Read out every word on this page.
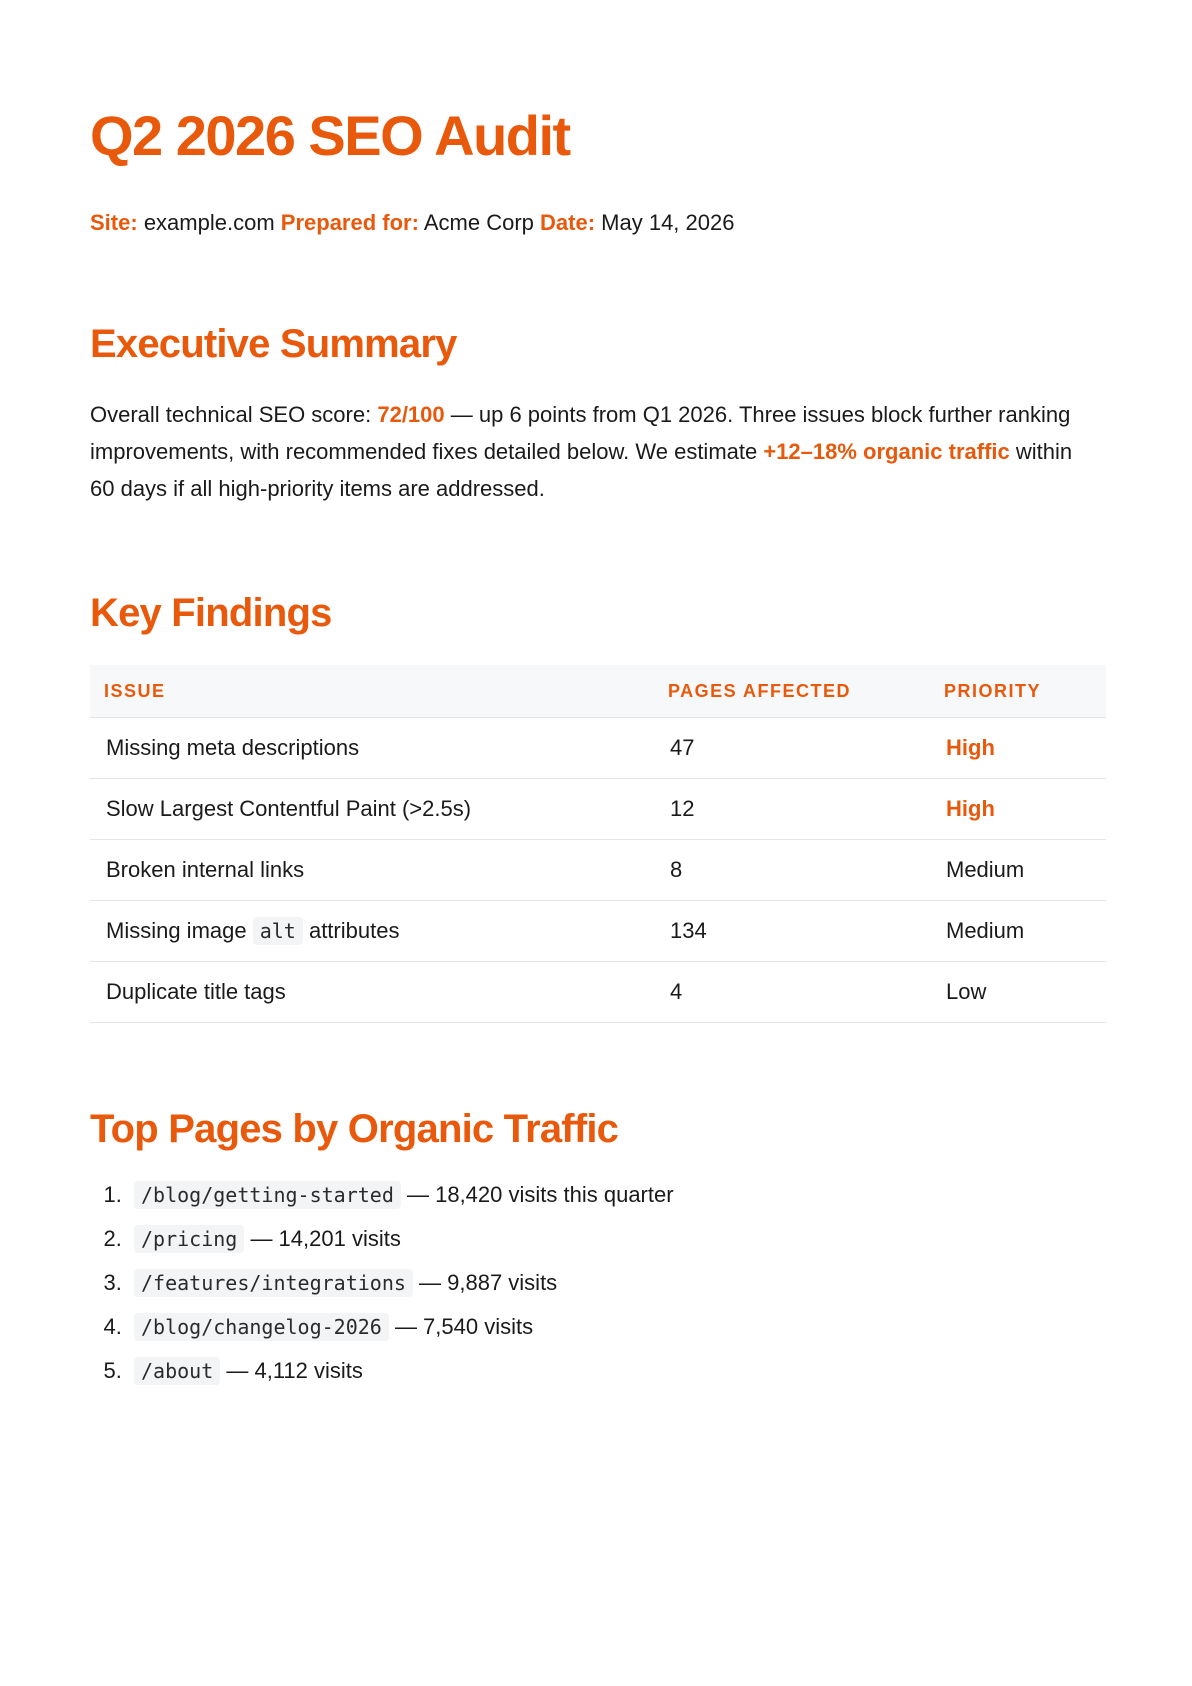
Q2 2026 SEO Audit
Site: example.com Prepared for: Acme Corp Date: May 14, 2026
Executive Summary

Overall technical SEO score: 72/100 — up 6 points from Q1 2026. Three issues block further ranking improvements, with recommended fixes detailed below. We estimate +12–18% organic traffic within 60 days if all high-priority items are addressed.

Key Findings
ISSUE	PAGES AFFECTED	PRIORITY
Missing meta descriptions	47	High
Slow Largest Contentful Paint (>2.5s)	12	High
Broken internal links	8	Medium
Missing image alt attributes	134	Medium
Duplicate title tags	4	Low
Top Pages by Organic Traffic
1. /blog/getting-started — 18,420 visits this quarter
2. /pricing — 14,201 visits
3. /features/integrations — 9,887 visits
4. /blog/changelog-2026 — 7,540 visits
5. /about — 4,112 visits
